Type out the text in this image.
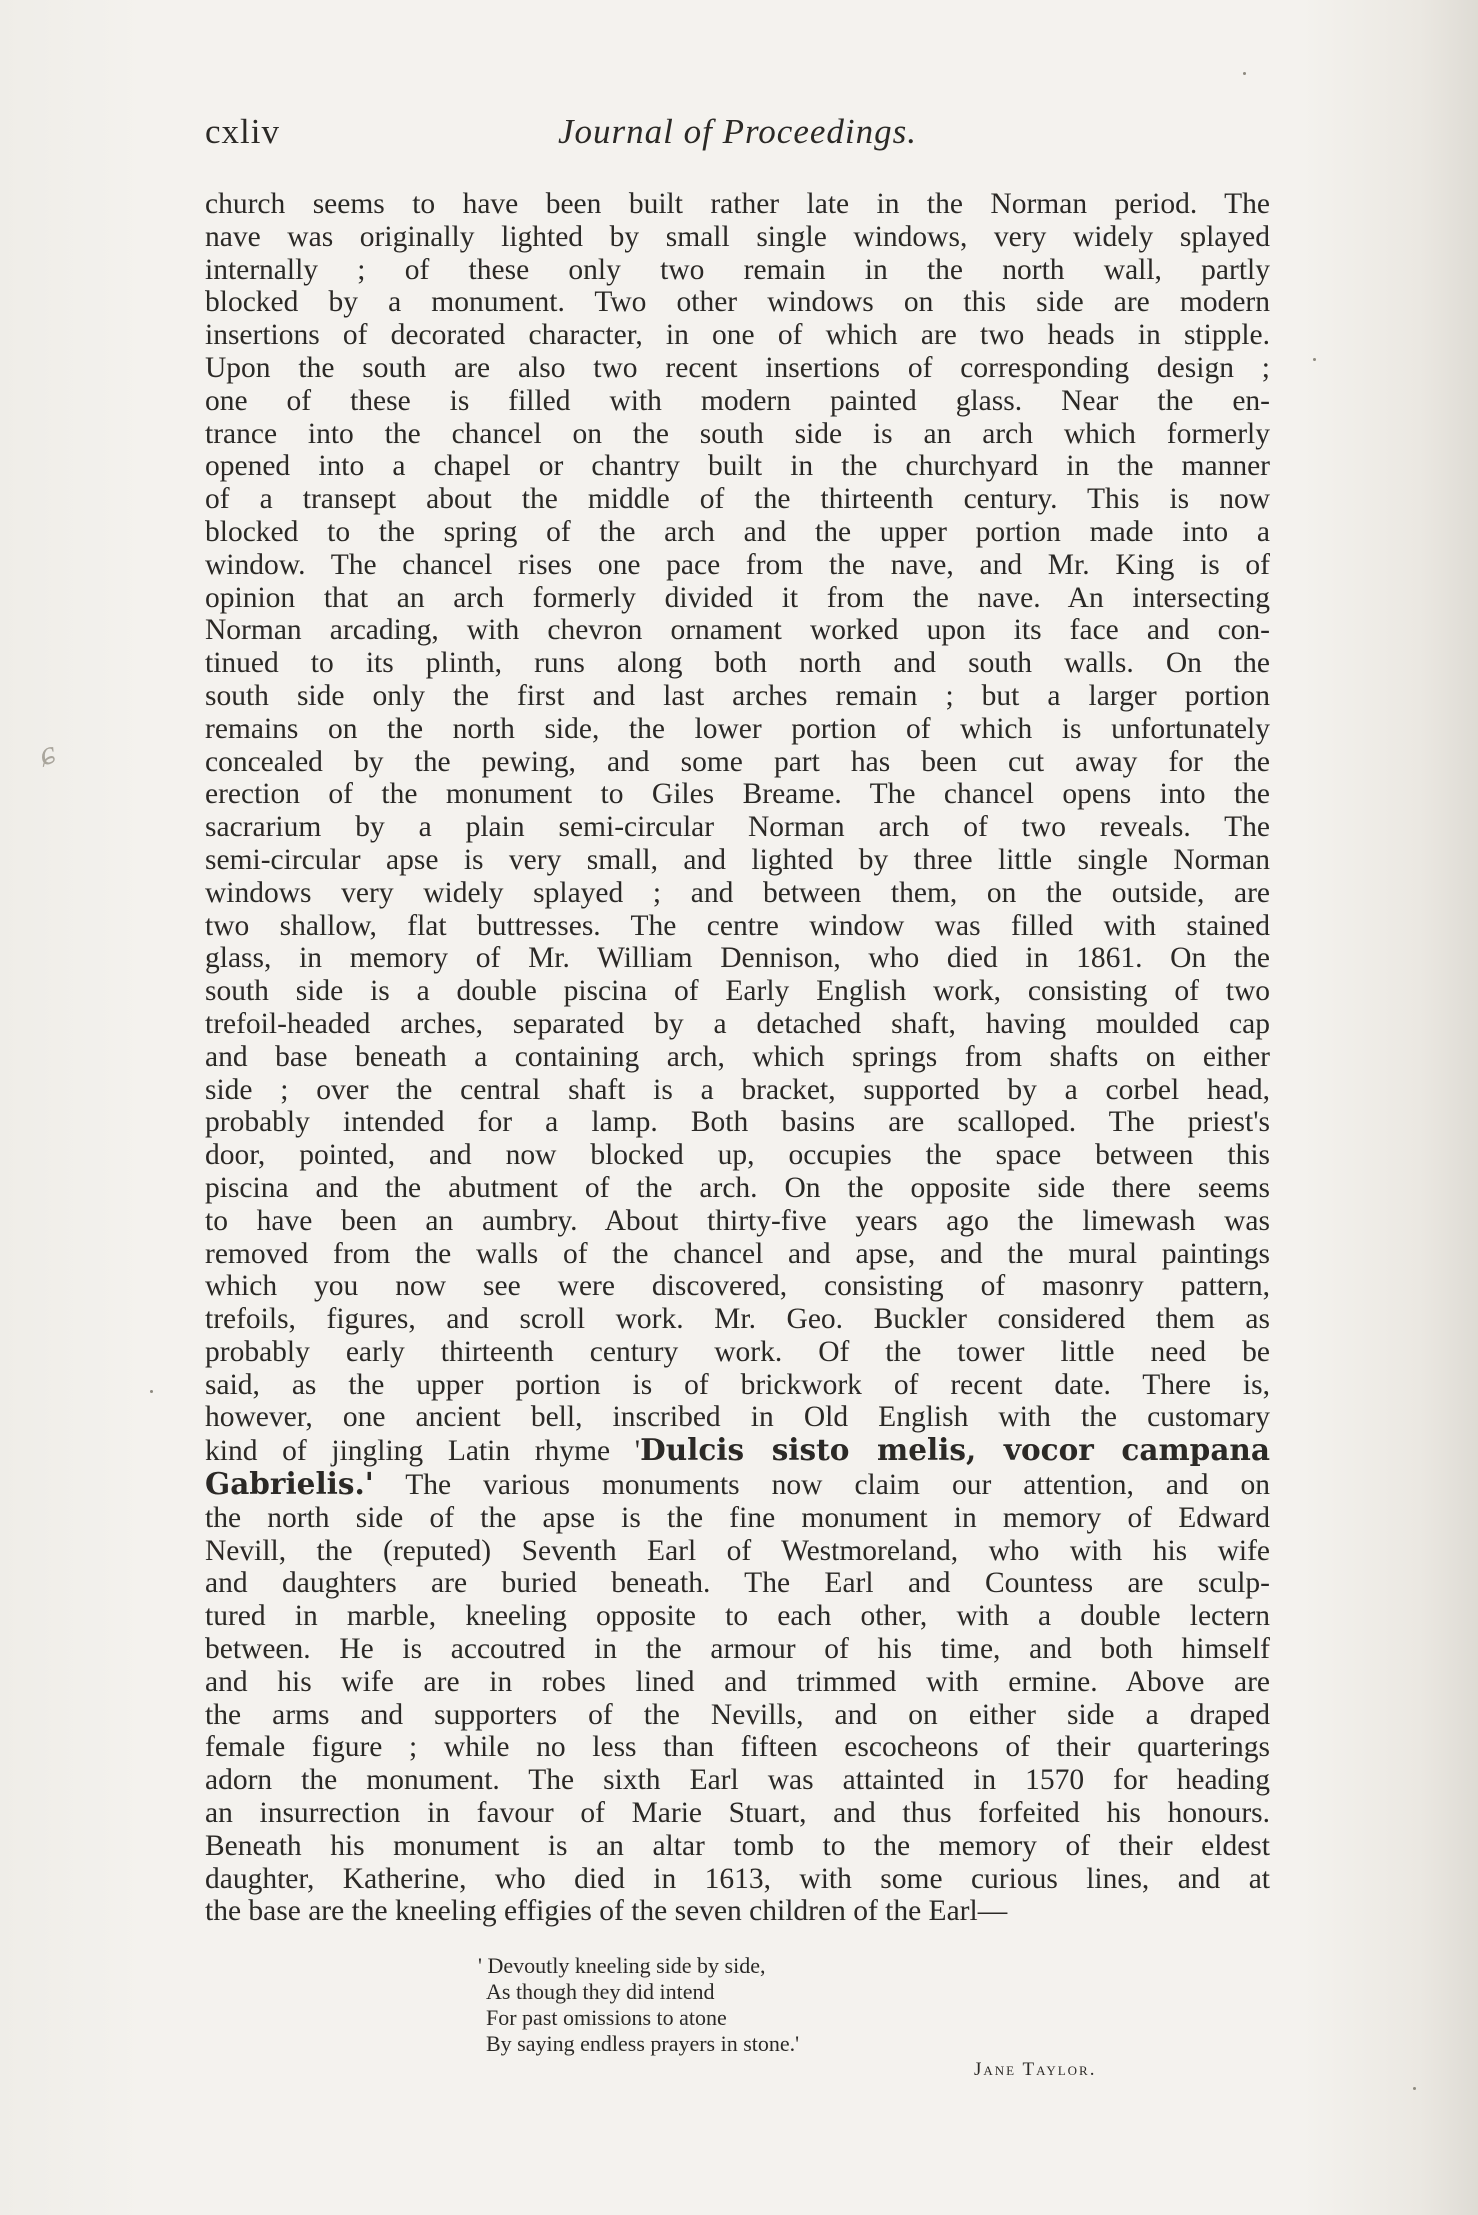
ɕ
cxliv	Journal of Proceedings.

church seems to have been built rather late in the Norman period. The

nave was originally lighted by small single windows, very widely splayed

internally ; of these only two remain in the north wall, partly

blocked by a monument. Two other windows on this side are modern

insertions of decorated character, in one of which are two heads in stipple.

Upon the south are also two recent insertions of corresponding design ;

one of these is filled with modern painted glass. Near the en-

trance into the chancel on the south side is an arch which formerly

opened into a chapel or chantry built in the churchyard in the manner

of a transept about the middle of the thirteenth century. This is now

blocked to the spring of the arch and the upper portion made into a

window. The chancel rises one pace from the nave, and Mr. King is of

opinion that an arch formerly divided it from the nave. An intersecting

Norman arcading, with chevron ornament worked upon its face and con-

tinued to its plinth, runs along both north and south walls. On the

south side only the first and last arches remain ; but a larger portion

remains on the north side, the lower portion of which is unfortunately

concealed by the pewing, and some part has been cut away for the

erection of the monument to Giles Breame. The chancel opens into the

sacrarium by a plain semi-circular Norman arch of two reveals. The

semi-circular apse is very small, and lighted by three little single Norman

windows very widely splayed ; and between them, on the outside, are

two shallow, flat buttresses. The centre window was filled with stained

glass, in memory of Mr. William Dennison, who died in 1861. On the

south side is a double piscina of Early English work, consisting of two

trefoil-headed arches, separated by a detached shaft, having moulded cap

and base beneath a containing arch, which springs from shafts on either

side ; over the central shaft is a bracket, supported by a corbel head,

probably intended for a lamp. Both basins are scalloped. The priest's

door, pointed, and now blocked up, occupies the space between this

piscina and the abutment of the arch. On the opposite side there seems

to have been an aumbry. About thirty-five years ago the limewash was

removed from the walls of the chancel and apse, and the mural paintings

which you now see were discovered, consisting of masonry pattern,

trefoils, figures, and scroll work. Mr. Geo. Buckler considered them as

probably early thirteenth century work. Of the tower little need be

said, as the upper portion is of brickwork of recent date. There is,

however, one ancient bell, inscribed in Old English with the customary

kind of jingling Latin rhyme 'Dulcis sisto melis, vocor campana

Gabrielis.' The various monuments now claim our attention, and on

the north side of the apse is the fine monument in memory of Edward

Nevill, the (reputed) Seventh Earl of Westmoreland, who with his wife

and daughters are buried beneath. The Earl and Countess are sculp-

tured in marble, kneeling opposite to each other, with a double lectern

between. He is accoutred in the armour of his time, and both himself

and his wife are in robes lined and trimmed with ermine. Above are

the arms and supporters of the Nevills, and on either side a draped

female figure ; while no less than fifteen escocheons of their quarterings

adorn the monument. The sixth Earl was attainted in 1570 for heading

an insurrection in favour of Marie Stuart, and thus forfeited his honours.

Beneath his monument is an altar tomb to the memory of their eldest

daughter, Katherine, who died in 1613, with some curious lines, and at

the base are the kneeling effigies of the seven children of the Earl—

' Devoutly kneeling side by side,
As though they did intend
For past omissions to atone
By saying endless prayers in stone.'
Jane Taylor.
